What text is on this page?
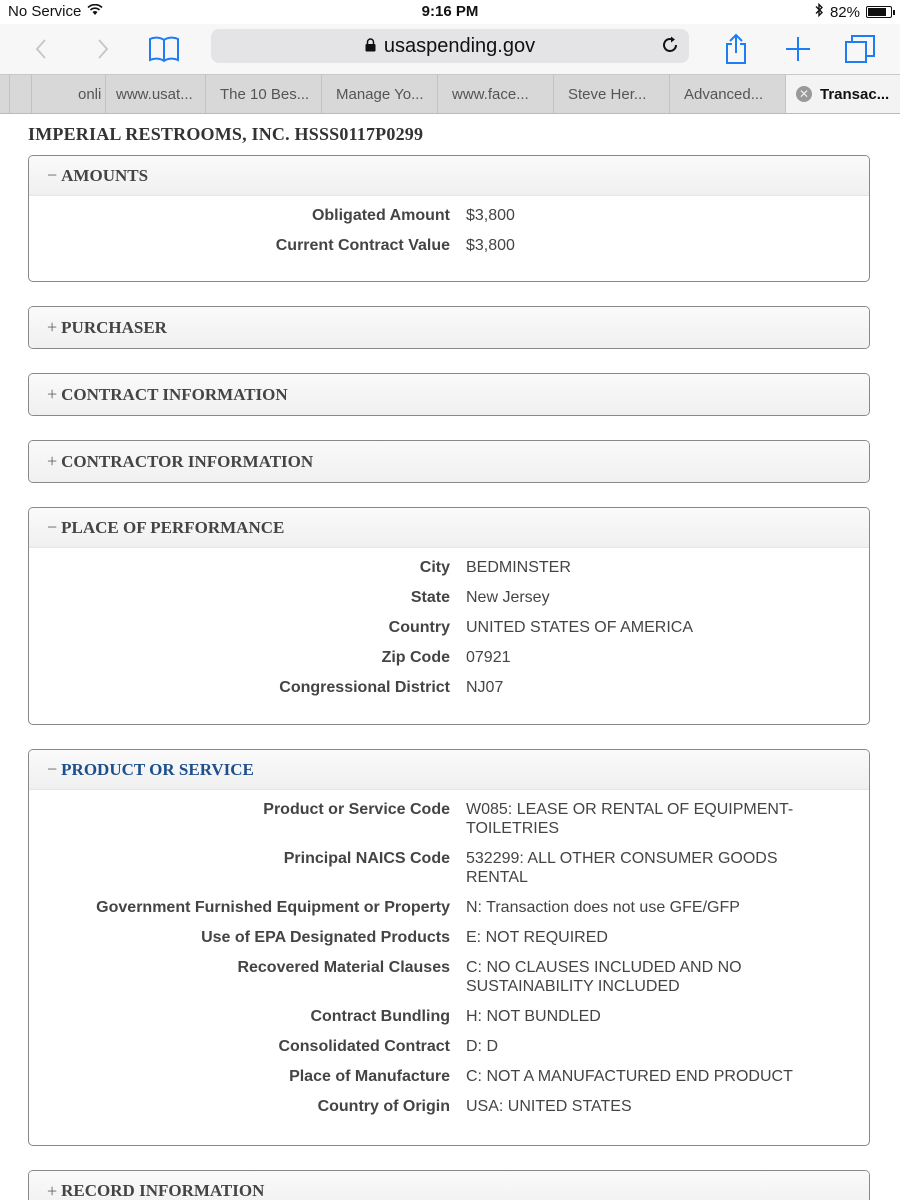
No Service	9:16 PM	82%
usaspending.gov
onli www.usat... The 10 Bes... Manage Yo... www.face...	Steve Her...	Advanced...	✕ Transac...
IMPERIAL RESTROOMS, INC. HSSS0117P0299
− AMOUNTS
Obligated Amount $3,800
Current Contract Value $3,800
+ PURCHASER
+ CONTRACT INFORMATION
+ CONTRACTOR INFORMATION
− PLACE OF PERFORMANCE
City BEDMINSTER
State New Jersey
Country UNITED STATES OF AMERICA
Zip Code 07921
Congressional District NJ07
− PRODUCT OR SERVICE
Product or Service Code W085: LEASE OR RENTAL OF EQUIPMENT-TOILETRIES
Principal NAICS Code 532299: ALL OTHER CONSUMER GOODS RENTAL
Government Furnished Equipment or Property N: Transaction does not use GFE/GFP
Use of EPA Designated Products E: NOT REQUIRED
Recovered Material Clauses C: NO CLAUSES INCLUDED AND NO SUSTAINABILITY INCLUDED
Contract Bundling H: NOT BUNDLED
Consolidated Contract D: D
Place of Manufacture C: NOT A MANUFACTURED END PRODUCT
Country of Origin USA: UNITED STATES
+ RECORD INFORMATION
